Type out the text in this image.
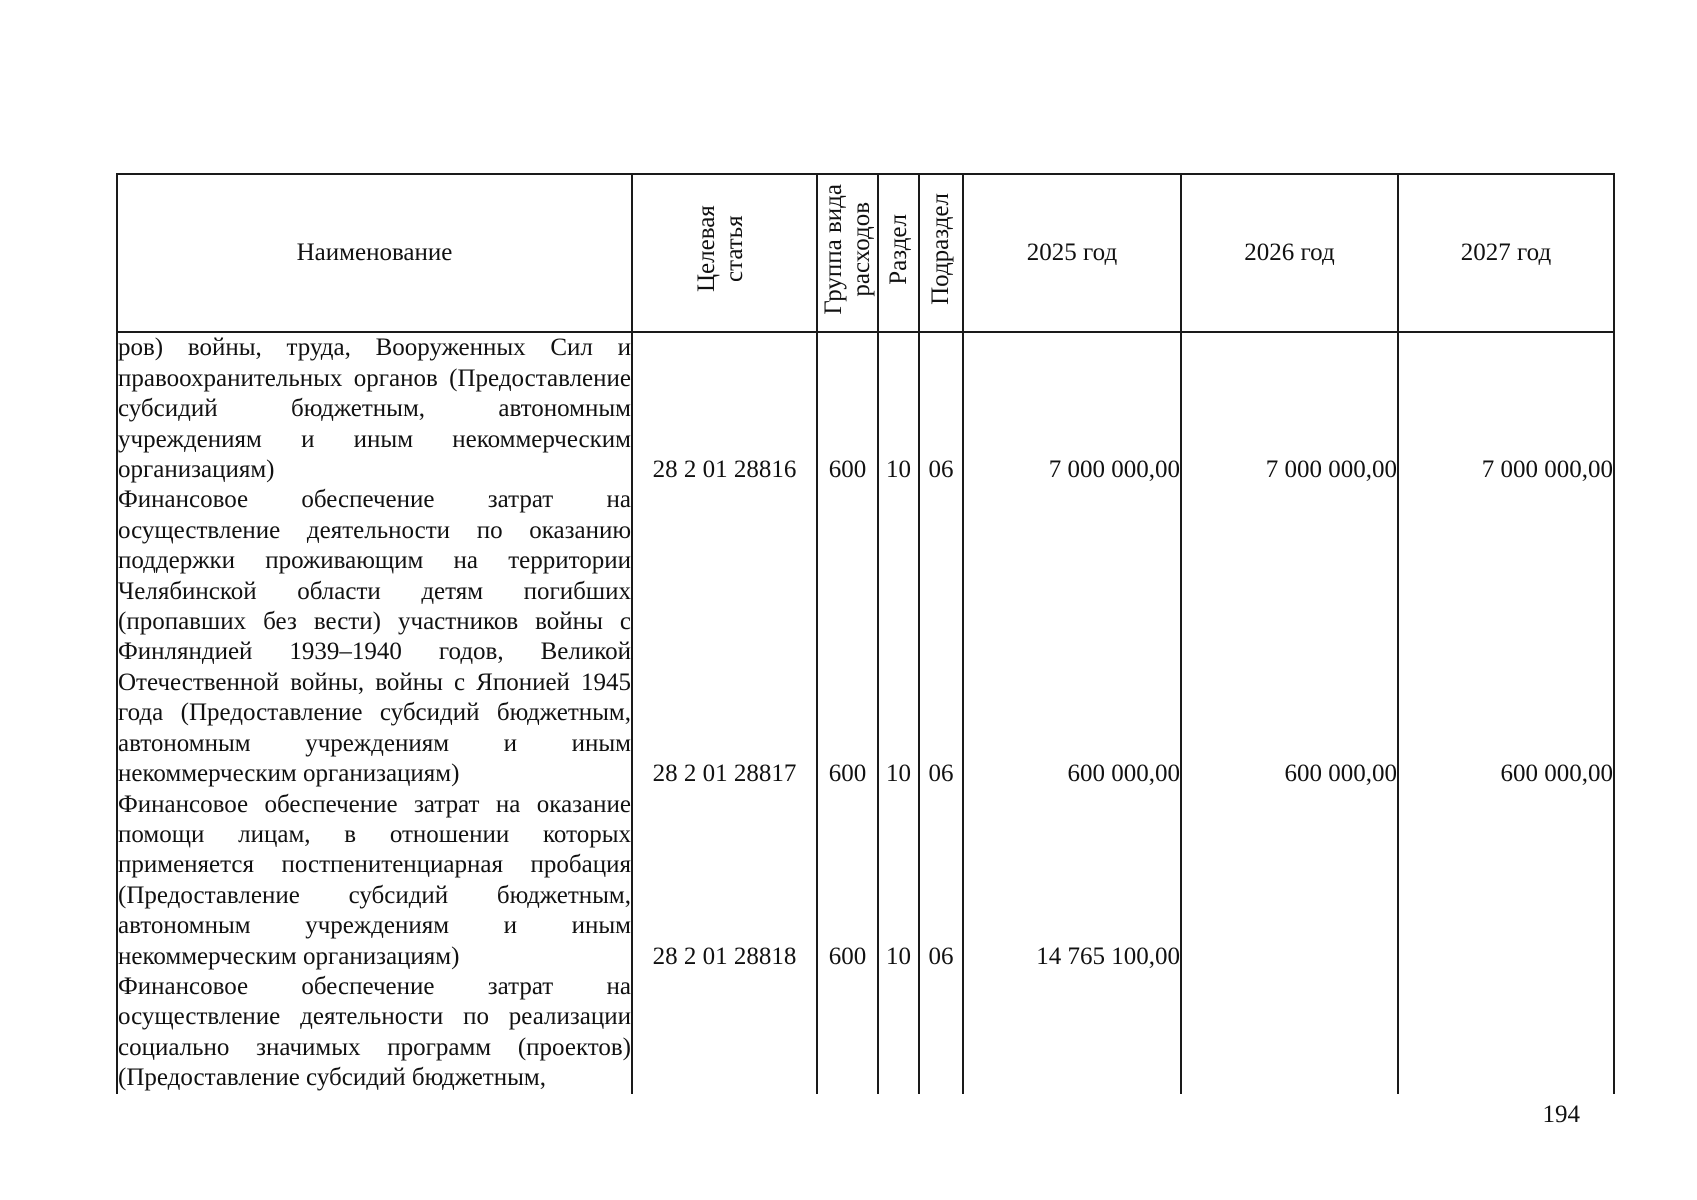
Наименование	Целевая статья	Группа вида расходов	Раздел	Подраздел	2025 год	2026 год	2027 год
ров) войны, труда, Вооруженных Сил и правоохранительных органов (Предоставление субсидий бюджетным, автономным учреждениям и иным некоммерческим организациям)	28 2 01 28816	600	10	06	7 000 000,00	7 000 000,00	7 000 000,00
Финансовое обеспечение затрат на осуществление деятельности по оказанию поддержки проживающим на территории Челябинской области детям погибших (пропавших без вести) участников войны с Финляндией 1939–1940 годов, Великой Отечественной войны, войны с Японией 1945 года (Предоставление субсидий бюджетным, автономным учреждениям и иным некоммерческим организациям)	28 2 01 28817	600	10	06	600 000,00	600 000,00	600 000,00
Финансовое обеспечение затрат на оказание помощи лицам, в отношении которых применяется постпенитенциарная пробация (Предоставление субсидий бюджетным, автономным учреждениям и иным некоммерческим организациям)	28 2 01 28818	600	10	06	14 765 100,00		
Финансовое обеспечение затрат на осуществление деятельности по реализации социально значимых программ (проектов) (Предоставление субсидий бюджетным,							
194
